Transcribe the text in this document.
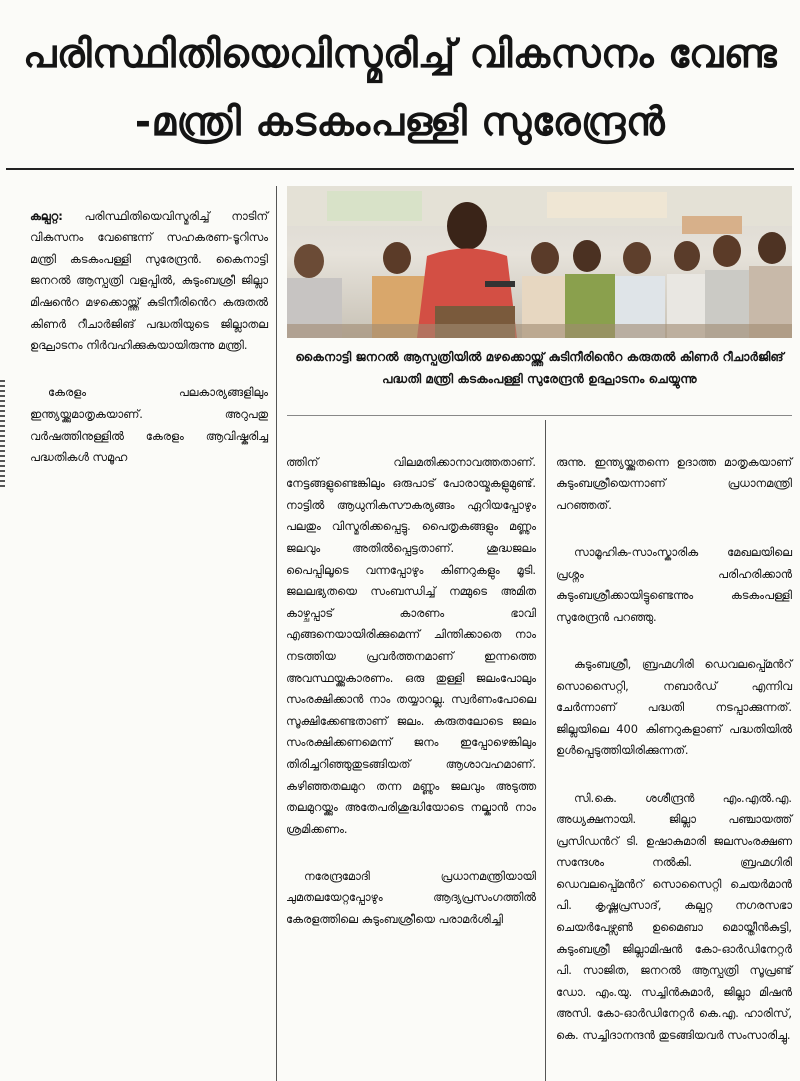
പരിസ്ഥിതിയെവിസ്മരിച്ച് വികസനം വേണ്ട
-മന്ത്രി കടകംപള്ളി സുരേന്ദ്രൻ
കൈനാട്ടി ജനറൽ ആസ്പത്രിയിൽ മഴക്കൊയ്ത്ത് കുടിനീരിൻെറ കരുതൽ കിണർ റീചാർജിങ് പദ്ധതി മന്ത്രി കടകംപള്ളി സുരേന്ദ്രൻ ഉദ്ഘാടനം ചെയ്യുന്നു

കല്പറ്റ: പരിസ്ഥിതിയെവിസ്മരിച്ച് നാടിന് വികസനം വേണ്ടെന്ന് സഹകരണ-ടൂറിസം മന്ത്രി കടകംപള്ളി സുരേന്ദ്രൻ. കൈനാട്ടി ജനറൽ ആസ്പത്രി വളപ്പിൽ, കുടുംബശ്രീ ജില്ലാ മിഷൻെറ മഴക്കൊയ്ത്ത് കുടിനീരിൻെറ കരുതൽ കിണർ റീചാർജിങ് പദ്ധതിയുടെ ജില്ലാതല ഉദ്ഘാടനം നിർവഹിക്കുകയായിരുന്നു മന്ത്രി.

കേരളം പലകാര്യങ്ങളിലും ഇന്ത്യയ്ക്കുമാതൃകയാണ്. അറുപതു വർഷത്തിനുള്ളിൽ കേരളം ആവിഷ്കരിച്ച പദ്ധതികൾ സമൂഹ	ത്തിന് വിലമതിക്കാനാവത്തതാണ്. നേട്ടങ്ങളുണ്ടെങ്കിലും ഒരുപാട് പോരായ്മകളുമുണ്ട്. നാട്ടിൽ ആധുനികസൗകര്യങ്ങം ഏറിയപ്പോഴും പലതും വിസ്മരിക്കപ്പെട്ടു. പൈതൃകങ്ങളും മണ്ണും ജലവും അതിൽപ്പെട്ടതാണ്. ശുദ്ധജലം പൈപ്പിലൂടെ വന്നപ്പോഴും കിണറുകളും മൂടി. ജലലഭ്യതയെ സംബന്ധിച്ച് നമ്മുടെ അമിത കാഴ്ചപ്പാട് കാരണം ഭാവി എങ്ങനെയായിരിക്കുമെന്ന് ചിന്തിക്കാതെ നാം നടത്തിയ പ്രവർത്തനമാണ് ഇന്നത്തെ അവസ്ഥയ്ക്കുകാരണം. ഒരു തുള്ളി ജലംപോലും സംരക്ഷിക്കാൻ നാം തയ്യാറല്ല. സ്വർണംപോലെ സൂക്ഷിക്കേണ്ടതാണ് ജലം. കരുതലോടെ ജലം സംരക്ഷിക്കണമെന്ന് ജനം ഇപ്പോഴെങ്കിലും തിരിച്ചറിഞ്ഞുതുടങ്ങിയത് ആശാവഹമാണ്. കഴിഞ്ഞതലമുറ തന്ന മണ്ണും ജലവും അടുത്ത തലമുറയ്ക്കും അതേപരിശുദ്ധിയോടെ നല്കാൻ നാം ശ്രമിക്കണം.

നരേന്ദ്രമോദി പ്രധാനമന്ത്രിയായി ചുമതലയേറ്റപ്പോഴും ആദ്യപ്രസംഗത്തിൽ കേരളത്തിലെ കുടുംബശ്രീയെ പരാമർശിച്ചി

രുന്നു. ഇന്ത്യയ്ക്കുതന്നെ ഉദാത്ത മാതൃകയാണ് കുടുംബശ്രീയെന്നാണ് പ്രധാനമന്ത്രി പറഞ്ഞത്.

സാമൂഹിക-സാംസ്കാരിക മേഖലയിലെ പ്രശ്നം പരിഹരിക്കാൻ കുടുംബശ്രീക്കായിട്ടുണ്ടെന്നും കടകംപള്ളി സുരേന്ദ്രൻ പറഞ്ഞു.

കുടുംബശ്രീ, ബ്രഹ്മഗിരി ഡെവലപ്പ്മെൻറ് സൊസൈറ്റി, നബാർഡ് എന്നിവ ചേർന്നാണ് പദ്ധതി നടപ്പാക്കുന്നത്. ജില്ലയിലെ 400 കിണറുകളാണ് പദ്ധതിയിൽ ഉൾപ്പെടുത്തിയിരിക്കുന്നത്.

സി.കെ. ശശീന്ദ്രൻ എം.എൽ.എ. അധ്യക്ഷനായി. ജില്ലാ പഞ്ചായത്ത് പ്രസിഡൻറ് ടി. ഉഷാകുമാരി ജലസംരക്ഷണ സന്ദേശം നൽകി. ബ്രഹ്മഗിരി ഡെവലപ്പ്മെൻറ് സൊസൈറ്റി ചെയർമാൻ പി. കൃഷ്ണപ്രസാദ്, കല്പറ്റ നഗരസഭാ ചെയർപേഴ്സൺ ഉമൈബാ മൊയ്തീൻകുട്ടി, കുടുംബശ്രീ ജില്ലാമിഷൻ കോ-ഓർഡിനേറ്റർ പി. സാജിത, ജനറൽ ആസ്പത്രി സൂപ്രണ്ട് ഡോ. എം.യു. സച്ചിൻകുമാർ, ജില്ലാ മിഷൻ അസി. കോ-ഓർഡിനേറ്റർ കെ.എ. ഹാരിസ്, കെ. സച്ചിദാനന്ദൻ തുടങ്ങിയവർ സംസാരിച്ചു.
